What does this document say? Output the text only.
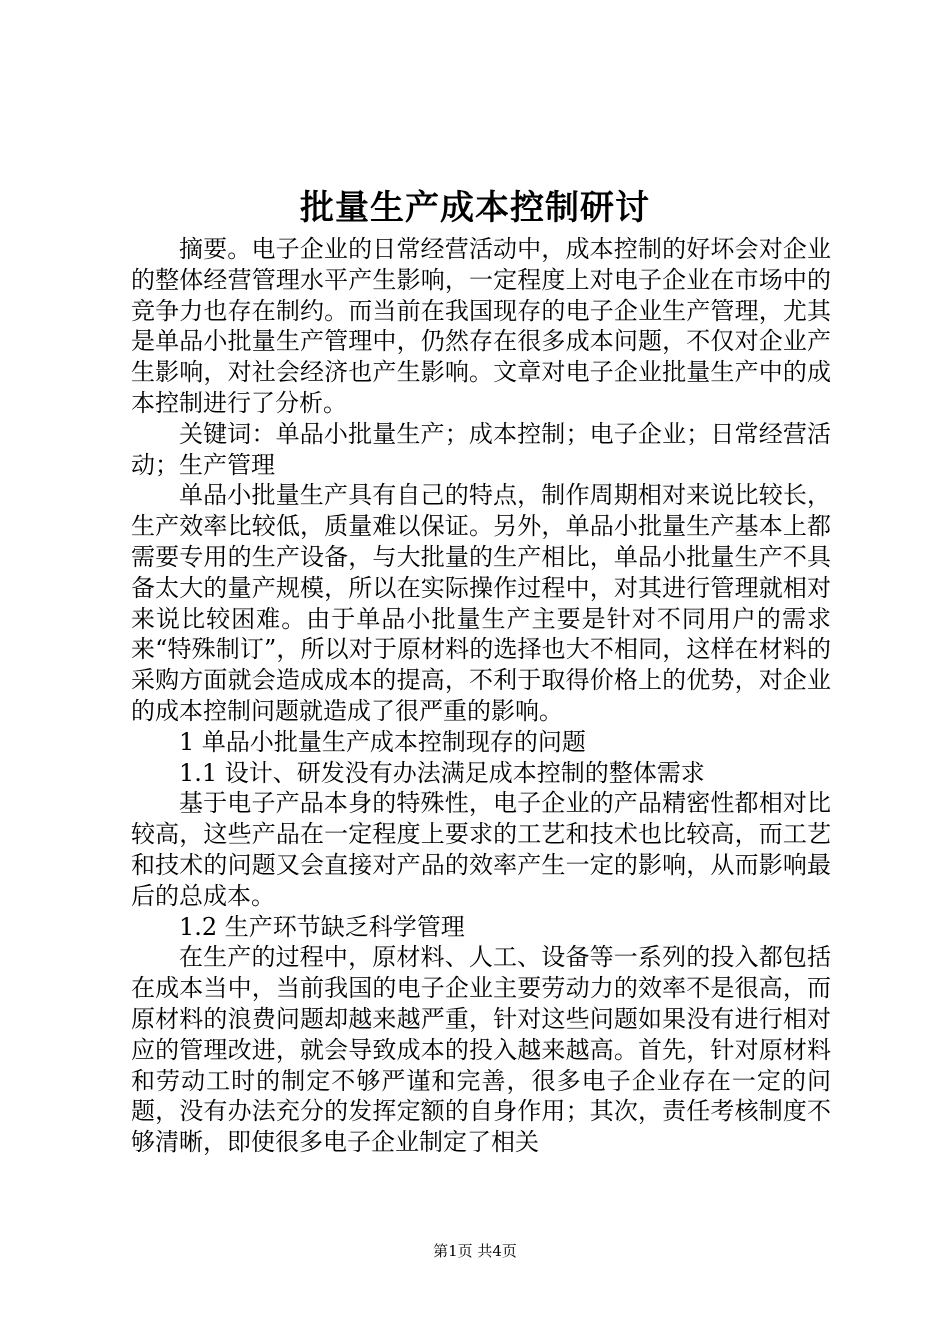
批量生产成本控制研讨

摘要。电子企业的日常经营活动中，成本控制的好坏会对企业的整体经营管理水平产生影响，一定程度上对电子企业在市场中的竞争力也存在制约。而当前在我国现存的电子企业生产管理，尤其是单品小批量生产管理中，仍然存在很多成本问题，不仅对企业产生影响，对社会经济也产生影响。文章对电子企业批量生产中的成本控制进行了分析。

关键词：单品小批量生产；成本控制；电子企业；日常经营活动；生产管理

单品小批量生产具有自己的特点，制作周期相对来说比较长，生产效率比较低，质量难以保证。另外，单品小批量生产基本上都需要专用的生产设备，与大批量的生产相比，单品小批量生产不具备太大的量产规模，所以在实际操作过程中，对其进行管理就相对来说比较困难。由于单品小批量生产主要是针对不同用户的需求来“特殊制订”，所以对于原材料的选择也大不相同，这样在材料的采购方面就会造成成本的提高，不利于取得价格上的优势，对企业的成本控制问题就造成了很严重的影响。

1 单品小批量生产成本控制现存的问题

1.1 设计、研发没有办法满足成本控制的整体需求

基于电子产品本身的特殊性，电子企业的产品精密性都相对比较高，这些产品在一定程度上要求的工艺和技术也比较高，而工艺和技术的问题又会直接对产品的效率产生一定的影响，从而影响最后的总成本。

1.2 生产环节缺乏科学管理

在生产的过程中，原材料、人工、设备等一系列的投入都包括在成本当中，当前我国的电子企业主要劳动力的效率不是很高，而原材料的浪费问题却越来越严重，针对这些问题如果没有进行相对应的管理改进，就会导致成本的投入越来越高。首先，针对原材料和劳动工时的制定不够严谨和完善，很多电子企业存在一定的问题，没有办法充分的发挥定额的自身作用；其次，责任考核制度不够清晰，即使很多电子企业制定了相关

第1页 共4页
